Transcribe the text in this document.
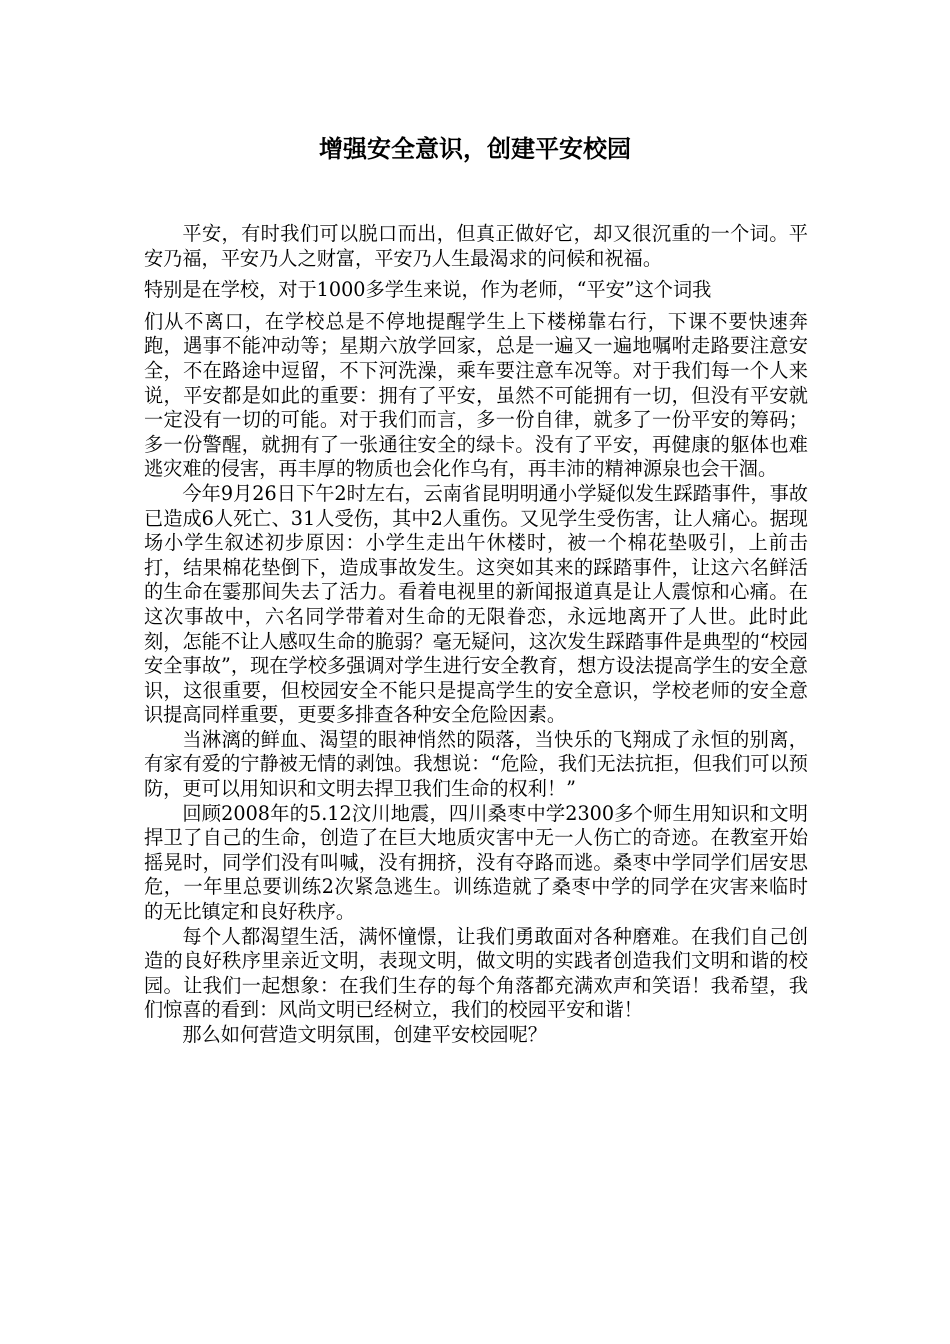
增强安全意识，创建平安校园

平安，有时我们可以脱口而出，但真正做好它，却又很沉重的一个词。平安乃福，平安乃人之财富，平安乃人生最渴求的问候和祝福。

特别是在学校，对于1000多学生来说，作为老师，“平安”这个词我

们从不离口，在学校总是不停地提醒学生上下楼梯靠右行，下课不要快速奔跑，遇事不能冲动等；星期六放学回家，总是一遍又一遍地嘱咐走路要注意安全，不在路途中逗留，不下河洗澡，乘车要注意车况等。对于我们每一个人来说，平安都是如此的重要：拥有了平安，虽然不可能拥有一切，但没有平安就一定没有一切的可能。对于我们而言，多一份自律，就多了一份平安的筹码；多一份警醒，就拥有了一张通往安全的绿卡。没有了平安，再健康的躯体也难逃灾难的侵害，再丰厚的物质也会化作乌有，再丰沛的精神源泉也会干涸。

今年9月26日下午2时左右，云南省昆明明通小学疑似发生踩踏事件，事故已造成6人死亡、31人受伤，其中2人重伤。又见学生受伤害，让人痛心。据现场小学生叙述初步原因：小学生走出午休楼时，被一个棉花垫吸引，上前击打，结果棉花垫倒下，造成事故发生。这突如其来的踩踏事件，让这六名鲜活的生命在霎那间失去了活力。看着电视里的新闻报道真是让人震惊和心痛。在这次事故中，六名同学带着对生命的无限眷恋，永远地离开了人世。此时此刻，怎能不让人感叹生命的脆弱？毫无疑问，这次发生踩踏事件是典型的“校园安全事故”，现在学校多强调对学生进行安全教育，想方设法提高学生的安全意识，这很重要，但校园安全不能只是提高学生的安全意识，学校老师的安全意识提高同样重要，更要多排查各种安全危险因素。

当淋漓的鲜血、渴望的眼神悄然的陨落，当快乐的飞翔成了永恒的别离，有家有爱的宁静被无情的剥蚀。我想说：“危险，我们无法抗拒，但我们可以预防，更可以用知识和文明去捍卫我们生命的权利！”

回顾2008年的5.12汶川地震，四川桑枣中学2300多个师生用知识和文明捍卫了自己的生命，创造了在巨大地质灾害中无一人伤亡的奇迹。在教室开始摇晃时，同学们没有叫喊，没有拥挤，没有夺路而逃。桑枣中学同学们居安思危，一年里总要训练2次紧急逃生。训练造就了桑枣中学的同学在灾害来临时的无比镇定和良好秩序。

每个人都渴望生活，满怀憧憬，让我们勇敢面对各种磨难。在我们自己创造的良好秩序里亲近文明，表现文明，做文明的实践者创造我们文明和谐的校园。让我们一起想象：在我们生存的每个角落都充满欢声和笑语！我希望，我们惊喜的看到：风尚文明已经树立，我们的校园平安和谐！

那么如何营造文明氛围，创建平安校园呢？
